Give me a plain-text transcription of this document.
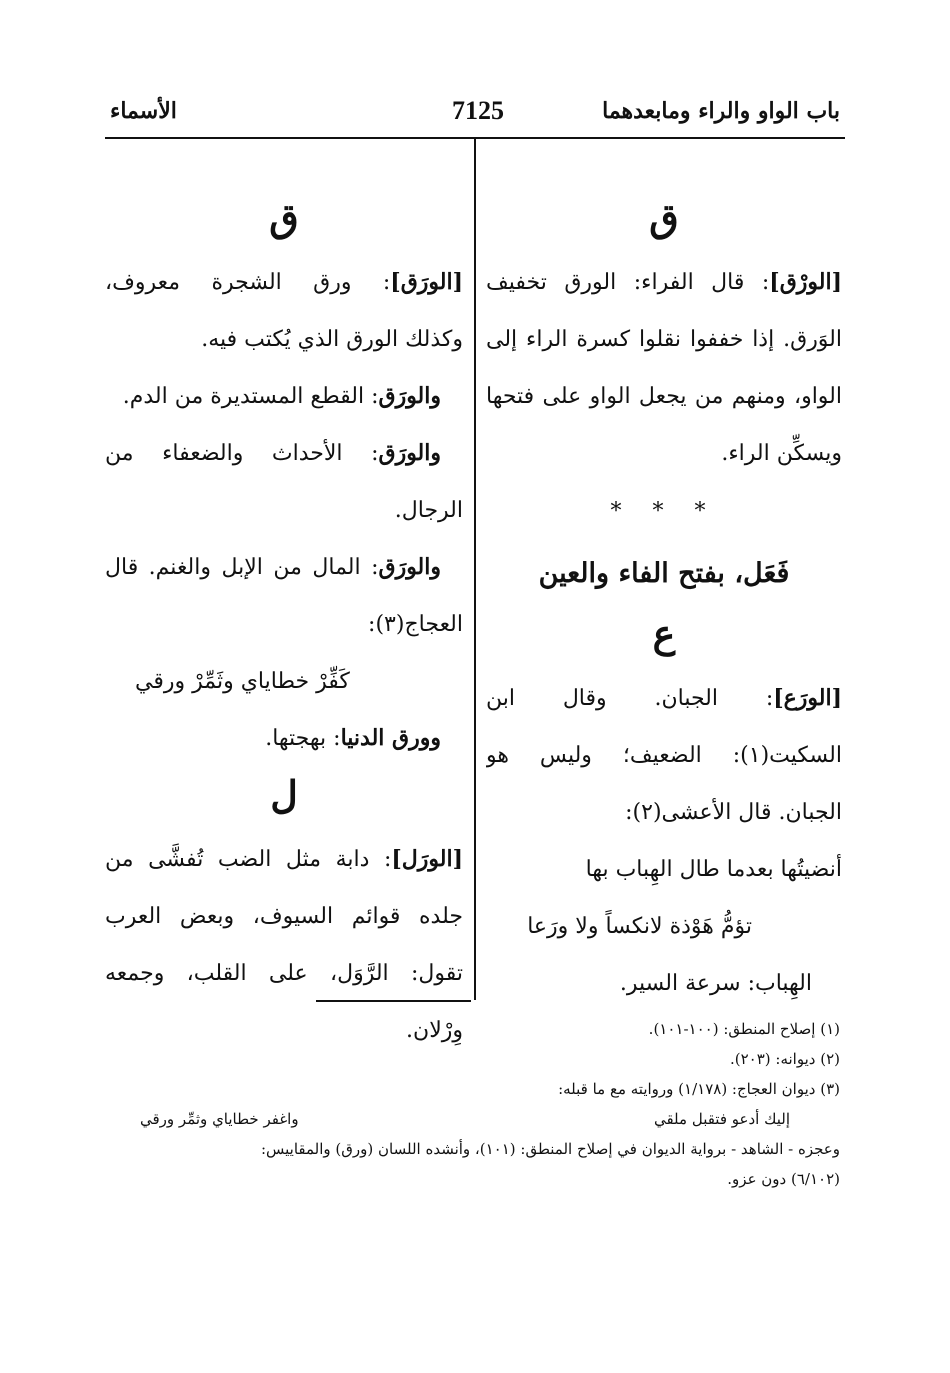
باب الواو والراء ومابعدهما
7125
الأسماء
ق
[الورْق]: قال الفراء: الورق تخفيف
الوَرق. إذا خففوا نقلوا كسرة الراء إلى
الواو، ومنهم من يجعل الواو على فتحها
ويسكِّن الراء.
* * *
فَعَل، بفتح الفاء والعين
ع
[الورَع]: الجبان. وقال ابن
السكيت(١): الضعيف؛ وليس هو
الجبان. قال الأعشى(٢):
أنضيتُها بعدما طال الهِباب بها
تؤمُّ هَوْذة لانكساً ولا ورَعا
الهِباب: سرعة السير.
ق
[الورَق]: ورق الشجرة معروف،
وكذلك الورق الذي يُكتب فيه.
والورَق: القطع المستديرة من الدم.
والورَق: الأحداث والضعفاء من
الرجال.
والورَق: المال من الإبل والغنم. قال
العجاج(٣):
كَفِّرْ خطاياي وثَمِّرْ ورقي
وورق الدنيا: بهجتها.
ل
[الورَل]: دابة مثل الضب تُفشَّى من
جلده قوائم السيوف، وبعض العرب
تقول: الرَّوَل، على القلب، وجمعه
وِرْلان.	(١) إصلاح المنطق: (١٠٠-١٠١).
(٢) ديوانه: (٢٠٣).
(٣) ديوان العجاج: (١/١٧٨) وروايته مع ما قبله:
إليك أدعو فتقبل ملقي
واغفر خطاياي وثمِّر ورقي
وعجزه - الشاهد - برواية الديوان في إصلاح المنطق: (١٠١)، وأنشده اللسان (ورق) والمقاييس:
(٦/١٠٢) دون عزو.
